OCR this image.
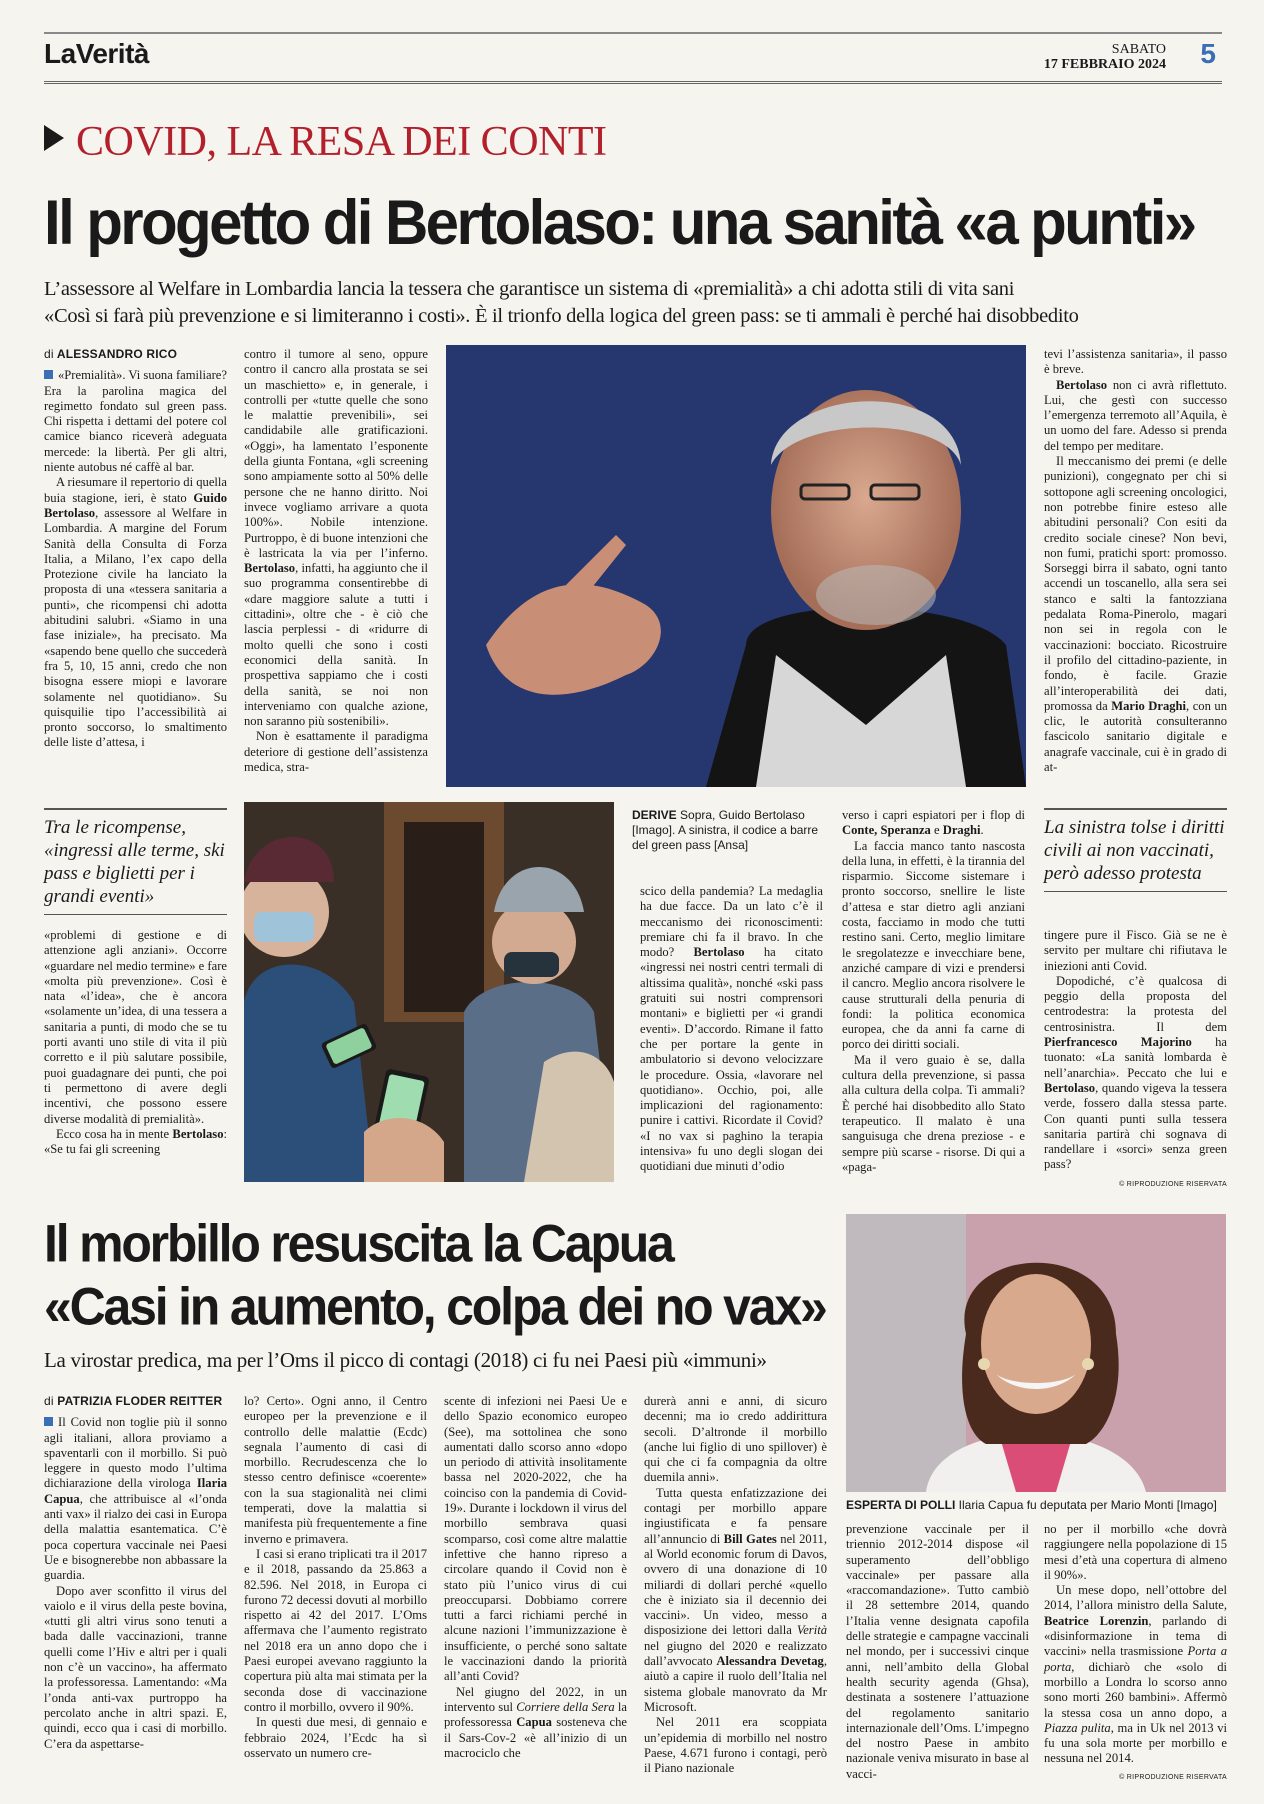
LaVerità	SABATO
17 FEBBRAIO 2024 5
COVID, LA RESA DEI CONTI
Il progetto di Bertolaso: una sanità «a punti»
L’assessore al Welfare in Lombardia lancia la tessera che garantisce un sistema di «premialità» a chi adotta stili di vita sani
«Così si farà più prevenzione e si limiteranno i costi». È il trionfo della logica del green pass: se ti ammali è perché hai disobbedito
di ALESSANDRO RICO

«Premialità». Vi suona familiare? Era la parolina magica del regimetto fondato sul green pass. Chi rispetta i dettami del potere col camice bianco riceverà adeguata mercede: la libertà. Per gli altri, niente autobus né caffè al bar.

A riesumare il repertorio di quella buia stagione, ieri, è stato Guido Bertolaso, assessore al Welfare in Lombardia. A margine del Forum Sanità della Consulta di Forza Italia, a Milano, l’ex capo della Protezione civile ha lanciato la proposta di una «tessera sanitaria a punti», che ricompensi chi adotta abitudini salubri. «Siamo in una fase iniziale», ha precisato. Ma «sapendo bene quello che succederà fra 5, 10, 15 anni, credo che non bisogna essere miopi e lavorare solamente nel quotidiano». Su quisquilie tipo l’accessibilità ai pronto soccorso, lo smaltimento delle liste d’attesa, i

contro il tumore al seno, oppure contro il cancro alla prostata se sei un maschietto» e, in generale, i controlli per «tutte quelle che sono le malattie prevenibili», sei candidabile alle gratificazioni. «Oggi», ha lamentato l’esponente della giunta Fontana, «gli screening sono ampiamente sotto al 50% delle persone che ne hanno diritto. Noi invece vogliamo arrivare a quota 100%». Nobile intenzione. Purtroppo, è di buone intenzioni che è lastricata la via per l’inferno. Bertolaso, infatti, ha aggiunto che il suo programma consentirebbe di «dare maggiore salute a tutti i cittadini», oltre che - è ciò che lascia perplessi - di «ridurre di molto quelli che sono i costi economici della sanità. In prospettiva sappiamo che i costi della sanità, se noi non interveniamo con qualche azione, non saranno più sostenibili».

Non è esattamente il paradigma deteriore di gestione dell’assistenza medica, stra-

tevi l’assistenza sanitaria», il passo è breve.

Bertolaso non ci avrà riflettuto. Lui, che gestì con successo l’emergenza terremoto all’Aquila, è un uomo del fare. Adesso si prenda del tempo per meditare.

Il meccanismo dei premi (e delle punizioni), congegnato per chi si sottopone agli screening oncologici, non potrebbe finire esteso alle abitudini personali? Con esiti da credito sociale cinese? Non bevi, non fumi, pratichi sport: promosso. Sorseggi birra il sabato, ogni tanto accendi un toscanello, alla sera sei stanco e salti la fantozziana pedalata Roma-Pinerolo, magari non sei in regola con le vaccinazioni: bocciato. Ricostruire il profilo del cittadino-paziente, in fondo, è facile. Grazie all’interoperabilità dei dati, promossa da Mario Draghi, con un clic, le autorità consulteranno fascicolo sanitario digitale e anagrafe vaccinale, cui è in grado di at-

Tra le ricompense, «ingressi alle terme, ski pass e biglietti per i grandi eventi»

«problemi di gestione e di attenzione agli anziani». Occorre «guardare nel medio termine» e fare «molta più prevenzione». Così è nata «l’idea», che è ancora «solamente un’idea, di una tessera a sanitaria a punti, di modo che se tu porti avanti uno stile di vita il più corretto e il più salutare possibile, puoi guadagnare dei punti, che poi ti permettono di avere degli incentivi, che possono essere diverse modalità di premialità».

Ecco cosa ha in mente Bertolaso: «Se tu fai gli screening

DERIVE Sopra, Guido Bertolaso [Imago]. A sinistra, il codice a barre del green pass [Ansa]

scico della pandemia? La medaglia ha due facce. Da un lato c’è il meccanismo dei riconoscimenti: premiare chi fa il bravo. In che modo? Bertolaso ha citato «ingressi nei nostri centri termali di altissima qualità», nonché «ski pass gratuiti sui nostri comprensori montani» e biglietti per «i grandi eventi». D’accordo. Rimane il fatto che per portare la gente in ambulatorio si devono velocizzare le procedure. Ossia, «lavorare nel quotidiano». Occhio, poi, alle implicazioni del ragionamento: punire i cattivi. Ricordate il Covid? «I no vax si paghino la terapia intensiva» fu uno degli slogan dei quotidiani due minuti d’odio

verso i capri espiatori per i flop di Conte, Speranza e Draghi.

La faccia manco tanto nascosta della luna, in effetti, è la tirannia del risparmio. Siccome sistemare i pronto soccorso, snellire le liste d’attesa e star dietro agli anziani costa, facciamo in modo che tutti restino sani. Certo, meglio limitare le sregolatezze e invecchiare bene, anziché campare di vizi e prendersi il cancro. Meglio ancora risolvere le cause strutturali della penuria di fondi: la politica economica europea, che da anni fa carne di porco dei diritti sociali.

Ma il vero guaio è se, dalla cultura della prevenzione, si passa alla cultura della colpa. Ti ammali? È perché hai disobbedito allo Stato terapeutico. Il malato è una sanguisuga che drena preziose - e sempre più scarse - risorse. Di qui a «paga-

La sinistra tolse i diritti civili ai non vaccinati, però adesso protesta

tingere pure il Fisco. Già se ne è servito per multare chi rifiutava le iniezioni anti Covid.

Dopodiché, c’è qualcosa di peggio della proposta del centrodestra: la protesta del centrosinistra. Il dem Pierfrancesco Majorino ha tuonato: «La sanità lombarda è nell’anarchia». Peccato che lui e Bertolaso, quando vigeva la tessera verde, fossero dalla stessa parte. Con quanti punti sulla tessera sanitaria partirà chi sognava di randellare i «sorci» senza green pass?

© RIPRODUZIONE RISERVATA
Il morbillo resuscita la Capua
«Casi in aumento, colpa dei no vax»
La virostar predica, ma per l’Oms il picco di contagi (2018) ci fu nei Paesi più «immuni»
di PATRIZIA FLODER REITTER

Il Covid non toglie più il sonno agli italiani, allora proviamo a spaventarli con il morbillo. Si può leggere in questo modo l’ultima dichiarazione della virologa Ilaria Capua, che attribuisce al «l’onda anti vax» il rialzo dei casi in Europa della malattia esantematica. C’è poca copertura vaccinale nei Paesi Ue e bisognerebbe non abbassare la guardia.

Dopo aver sconfitto il virus del vaiolo e il virus della peste bovina, «tutti gli altri virus sono tenuti a bada dalle vaccinazioni, tranne quelli come l’Hiv e altri per i quali non c’è un vaccino», ha affermato la professoressa. Lamentando: «Ma l’onda anti-vax purtroppo ha percolato anche in altri spazi. E, quindi, ecco qua i casi di morbillo. C’era da aspettarse-

lo? Certo». Ogni anno, il Centro europeo per la prevenzione e il controllo delle malattie (Ecdc) segnala l’aumento di casi di morbillo. Recrudescenza che lo stesso centro definisce «coerente» con la sua stagionalità nei climi temperati, dove la malattia si manifesta più frequentemente a fine inverno e primavera.

I casi si erano triplicati tra il 2017 e il 2018, passando da 25.863 a 82.596. Nel 2018, in Europa ci furono 72 decessi dovuti al morbillo rispetto ai 42 del 2017. L’Oms affermava che l’aumento registrato nel 2018 era un anno dopo che i Paesi europei avevano raggiunto la copertura più alta mai stimata per la seconda dose di vaccinazione contro il morbillo, ovvero il 90%.

In questi due mesi, di gennaio e febbraio 2024, l’Ecdc ha sì osservato un numero cre-

scente di infezioni nei Paesi Ue e dello Spazio economico europeo (See), ma sottolinea che sono aumentati dallo scorso anno «dopo un periodo di attività insolitamente bassa nel 2020-2022, che ha coinciso con la pandemia di Covid-19». Durante i lockdown il virus del morbillo sembrava quasi scomparso, così come altre malattie infettive che hanno ripreso a circolare quando il Covid non è stato più l’unico virus di cui preoccuparsi. Dobbiamo correre tutti a farci richiami perché in alcune nazioni l’immunizzazione è insufficiente, o perché sono saltate le vaccinazioni dando la priorità all’anti Covid?

Nel giugno del 2022, in un intervento sul Corriere della Sera la professoressa Capua sosteneva che il Sars-Cov-2 «è all’inizio di un macrociclo che

durerà anni e anni, di sicuro decenni; ma io credo addirittura secoli. D’altronde il morbillo (anche lui figlio di uno spillover) è qui che ci fa compagnia da oltre duemila anni».

Tutta questa enfatizzazione dei contagi per morbillo appare ingiustificata e fa pensare all’annuncio di Bill Gates nel 2011, al World economic forum di Davos, ovvero di una donazione di 10 miliardi di dollari perché «quello che è iniziato sia il decennio dei vaccini». Un video, messo a disposizione dei lettori dalla Verità nel giugno del 2020 e realizzato dall’avvocato Alessandra Devetag, aiutò a capire il ruolo dell’Italia nel sistema globale manovrato da Mr Microsoft.

Nel 2011 era scoppiata un’epidemia di morbillo nel nostro Paese, 4.671 furono i contagi, però il Piano nazionale

ESPERTA DI POLLI Ilaria Capua fu deputata per Mario Monti [Imago]

prevenzione vaccinale per il triennio 2012-2014 dispose «il superamento dell’obbligo vaccinale» per passare alla «raccomandazione». Tutto cambiò il 28 settembre 2014, quando l’Italia venne designata capofila delle strategie e campagne vaccinali nel mondo, per i successivi cinque anni, nell’ambito della Global health security agenda (Ghsa), destinata a sostenere l’attuazione del regolamento sanitario internazionale dell’Oms. L’impegno del nostro Paese in ambito nazionale veniva misurato in base al vacci-

no per il morbillo «che dovrà raggiungere nella popolazione di 15 mesi d’età una copertura di almeno il 90%».

Un mese dopo, nell’ottobre del 2014, l’allora ministro della Salute, Beatrice Lorenzin, parlando di «disinformazione in tema di vaccini» nella trasmissione Porta a porta, dichiarò che «solo di morbillo a Londra lo scorso anno sono morti 260 bambini». Affermò la stessa cosa un anno dopo, a Piazza pulita, ma in Uk nel 2013 vi fu una sola morte per morbillo e nessuna nel 2014.

© RIPRODUZIONE RISERVATA
